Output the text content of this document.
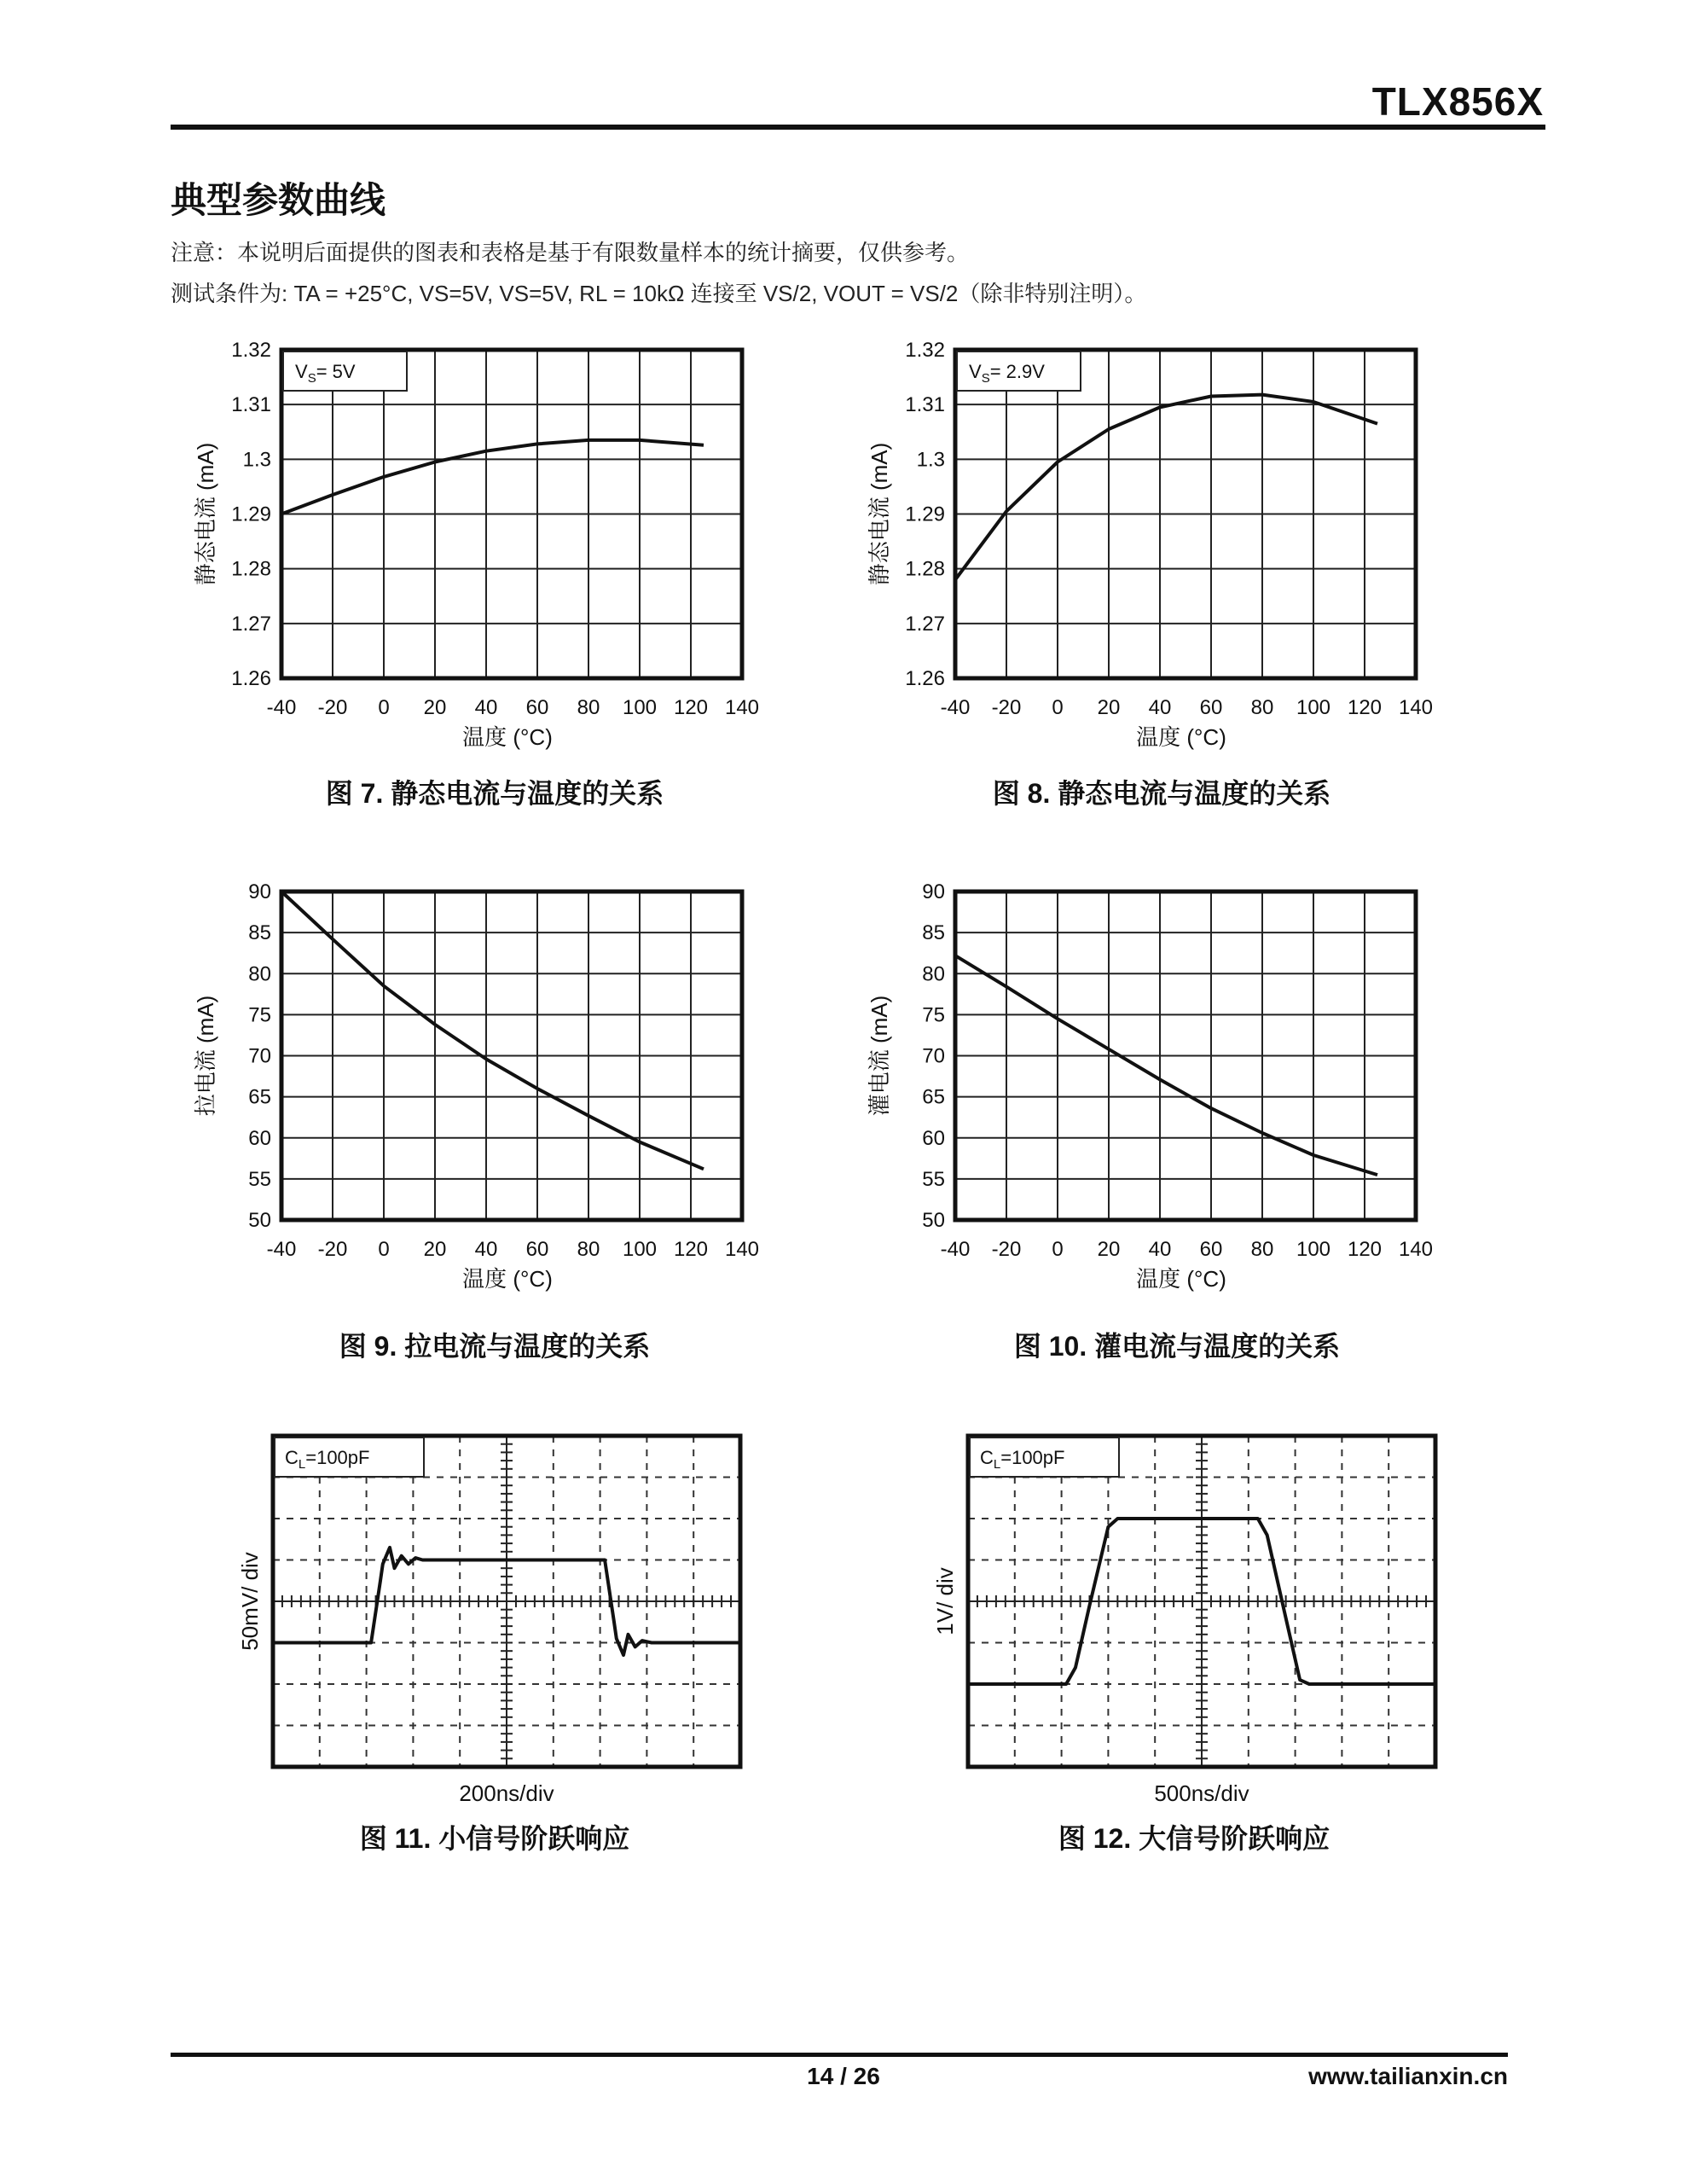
TLX856X
典型参数曲线
注意：本说明后面提供的图表和表格是基于有限数量样本的统计摘要，仅供参考。
测试条件为: TA = +25°C, VS=5V, VS=5V, RL = 10kΩ 连接至 VS/2, VOUT = VS/2（除非特别注明）。
-40 -20 0 20 40 60 80 100 120 140
1.26
1.27
1.28
1.29
1.3
1.31
1.32
温度 (°C)
静态电流 (mA)
$V_S= 5V$
图 7. 静态电流与温度的关系
-40 -20 0 20 40 60 80 100 120 140
1.26
1.27
1.28
1.29
1.3
1.31
1.32
温度 (°C)
静态电流 (mA)
$V_S= 2.9V$
图 8. 静态电流与温度的关系
-40 -20 0 20 40 60 80 100 120 140
50
55
60
65
70
75
80
85
90
温度 (°C)
拉电流 (mA)
图 9. 拉电流与温度的关系
-40 -20 0 20 40 60 80 100 120 140
50
55
60
65
70
75
80
85
90
温度 (°C)
灌电流 (mA)
图 10. 灌电流与温度的关系
$C_L=100pF$
200ns/div
50mV/ div
图 11. 小信号阶跃响应
$C_L=100pF$
500ns/div
1V/ div
图 12. 大信号阶跃响应
14 / 26	www.tailianxin.cn
